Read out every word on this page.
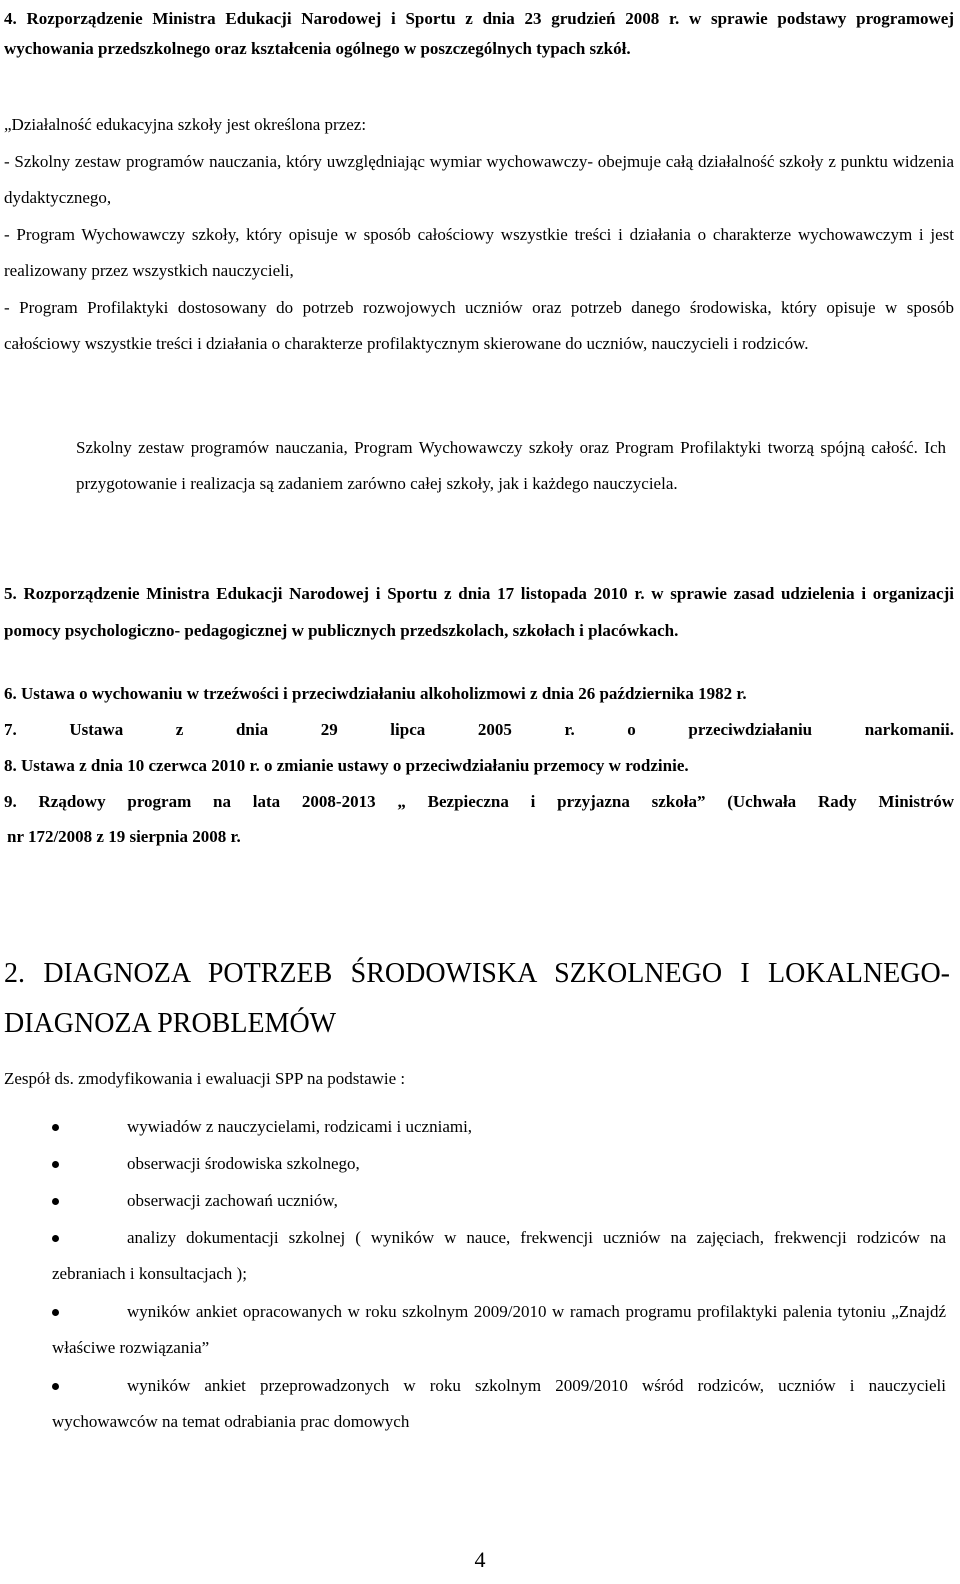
4. Rozporządzenie Ministra Edukacji Narodowej i Sportu z dnia 23 grudzień 2008 r. w sprawie podstawy programowej wychowania przedszkolnego oraz kształcenia ogólnego w poszczególnych typach szkół.

„Działalność edukacyjna szkoły jest określona przez:
- Szkolny zestaw programów nauczania, który uwzględniając wymiar wychowawczy- obejmuje całą działalność szkoły z punktu widzenia dydaktycznego,
- Program Wychowawczy szkoły, który opisuje w sposób całościowy wszystkie treści i działania o charakterze wychowawczym i jest realizowany przez wszystkich nauczycieli,
- Program Profilaktyki dostosowany do potrzeb rozwojowych uczniów oraz potrzeb danego środowiska, który opisuje w sposób całościowy wszystkie treści i działania o charakterze profilaktycznym skierowane do uczniów, nauczycieli i rodziców.

Szkolny zestaw programów nauczania, Program Wychowawczy szkoły oraz Program Profilaktyki tworzą spójną całość. Ich przygotowanie i realizacja są zadaniem zarówno całej szkoły, jak i każdego nauczyciela.

5. Rozporządzenie Ministra Edukacji Narodowej i Sportu z dnia 17 listopada 2010 r. w sprawie zasad udzielenia i organizacji pomocy psychologiczno- pedagogicznej w publicznych przedszkolach, szkołach i placówkach.

6. Ustawa o wychowaniu w trzeźwości i przeciwdziałaniu alkoholizmowi z dnia 26 października 1982 r.

7. Ustawa z dnia 29 lipca 2005 r. o przeciwdziałaniu narkomanii.

8. Ustawa z dnia 10 czerwca 2010 r. o zmianie ustawy o przeciwdziałaniu przemocy w rodzinie.

9. Rządowy program na lata 2008-2013 „ Bezpieczna i przyjazna szkoła” (Uchwała Rady Ministrów

nr 172/2008 z 19 sierpnia 2008 r.

2. DIAGNOZA POTRZEB ŚRODOWISKA SZKOLNEGO I LOKALNEGO- DIAGNOZA PROBLEMÓW

Zespół ds. zmodyfikowania i ewaluacji SPP na podstawie :

wywiadów z nauczycielami, rodzicami i uczniami,
obserwacji środowiska szkolnego,
obserwacji zachowań uczniów,
analizy dokumentacji szkolnej ( wyników w nauce, frekwencji uczniów na zajęciach, frekwencji rodziców na zebraniach i konsultacjach );
wyników ankiet opracowanych w roku szkolnym 2009/2010 w ramach programu profilaktyki palenia tytoniu „Znajdź właściwe rozwiązania”
wyników ankiet przeprowadzonych w roku szkolnym 2009/2010 wśród rodziców, uczniów i nauczycieli wychowawców na temat odrabiania prac domowych
4
